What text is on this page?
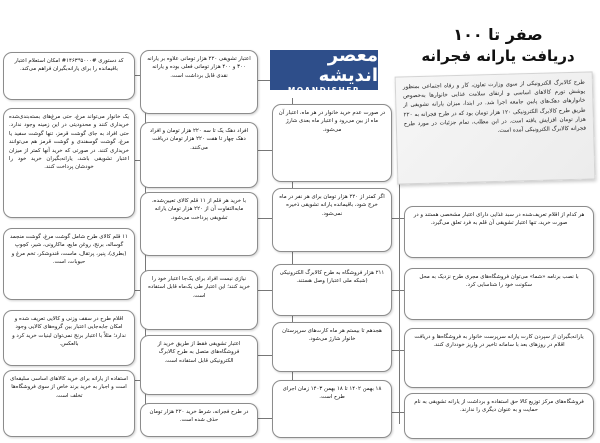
صفر تا ۱۰۰
دریافت یارانه فجرانه
طرح کالابرگ الکترونیکی از سوی وزارت تعاون، کار و رفاه اجتماعی بمنظور پوشش تورم کالاهای اساسی و ارتقای سلامت غذایی خانوارها به‌خصوص خانوارهای دهک‌های پایین جامعه اجرا شد. در ابتدا، میزان یارانه تشویقی از طریق طرح کالابرگ الکترونیکی ۱۲۰ هزار تومان بود که در طرح فجرانه به ۲۲۰ هزار تومان افزایش یافته است. در این مطلب، تمام جزئیات در مورد طرح فجرانه کالابرگ الکترونیکی آمده است.
معصر اندیشه
MOANDISHER
هر کدام از اقلام تعریف‌شده در سبد غذایی دارای اعتبار مشخصی هستند و در صورت خرید، تنها اعتبار تشویقی آن قلم به فرد تعلق می‌گیرد.
با نصب برنامه «شما» می‌توان فروشگاه‌های مجری طرح نزدیک به محل سکونت خود را شناسایی کرد.
یارانه‌بگیران از سپردن کارت یارانه سرپرست خانوار به فروشگاه‌ها و دریافت اقلام در روزهای بعد با سامانه تاخیر در واریز خودداری کنند.
فروشگاه‌های مرکز توزیع کالا حق استفاده و برداشت از یارانه تشویقی به نام حمایت و به عنوان دیگری را ندارند.
در صورت عدم خرید خانوار در هر ماه، اعتبار آن ماه از بین می‌رود و اعتبار ماه بعدی شارژ می‌شود.
اگر کمتر از ۲۲۰ هزار تومان برای هر نفر در ماه خرج شود، باقیمانده یارانه تشویقی ذخیره نمی‌شود.
۲۱۱ هزار فروشگاه به طرح کالابرگ الکترونیکی (شبکه ملی اعتبار) وصل هستند.
هجدهم تا بیستم هر ماه کارت‌های سرپرستان خانوار شارژ می‌شود.
۱۸ بهمن ۱۴۰۲ تا ۱۸ بهمن ۱۴۰۳ زمان اجرای طرح است.
اعتبار تشویقی ۲۲۰ هزار تومانی علاوه بر یارانه ۳۰۰ و ۴۰۰ هزار تومانی فعلی بوده و یارانه نقدی قابل برداشت است.
افراد دهک یک تا سه ۲۲۰ هزار تومان و افراد دهک چهار تا هفت ۲۲۰ هزار تومان دریافت می‌کنند.
با خرید هر قلم از ۱۱ قلم کالای تعیین‌شده، ما‌به‌التفاوت آن از ۲۲۰ هزار تومان یارانه تشویقی پرداخت می‌شود.
نیازی نیست افراد برای یک‌جا اعتبار خود را خرید کنند؛ این اعتبار طی یک‌ماه قابل استفاده است.
اعتبار تشویقی فقط از طریق خرید از فروشگاه‌های متصل به طرح کالابرگ الکترونیکی قابل استفاده است.
در طرح فجرانه، شرط خرید ۲۲۰ هزار تومان حذف شده است.
کد دستوری #۵۰۰۰*۱۴۶۳# امکان استعلام اعتبار باقیمانده را برای یارانه‌بگیران فراهم می‌کند.
یک خانوار می‌تواند مرغ، حتی مرغ‌های بسته‌بندی‌شده خریداری کنند و محدودیتی در این زمینه وجود ندارد. حتی افراد به جای گوشت قرمز، تنها گوشت سفید یا مرغ، گوشت گوسفندی و گوشت قرمز هم می‌توانند خریداری کنند. در صورتی که خرید آنها کمتر از میزان اعتبار تشویقی باشد، یارانه‌بگیران خرید خود را خودشان پرداخت کنند.
۱۱ قلم کالای طرح شامل گوشت مرغ، گوشت منجمد گوساله، برنج، روغن مایع، ماکارونی، شیر، کچوپ (بطری)، پنیر، پرتقال، ماست، قندوشکر، تخم مرغ و حبوبات، است.
اقلام طرح در سقف وزنی و کالایی تعریف شده و امکان جابه‌جایی اعتبار بین گروه‌های کالایی وجود ندارد؛ مثلاً با اعتبار برنج نمی‌توان لبنیات خرید کرد و بالعکس.
استفاده از یارانه برای خرید کالاهای اساسی سلیقه‌ای است و اجبار به خرید برند خاص از سوی فروشگاه‌ها تخلف است.
